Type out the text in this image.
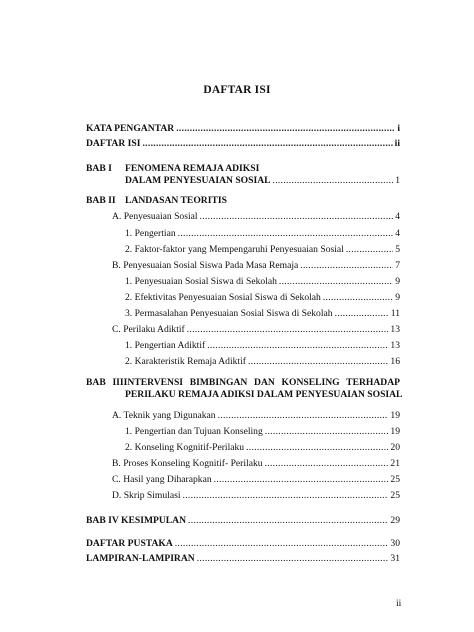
DAFTAR ISI
KATA PENGANTAR .....	i
DAFTAR ISI .....	ii
BAB I FENOMENA REMAJA ADIKSI
DALAM PENYESUAIAN SOSIAL .....	1
BAB II LANDASAN TEORITIS
A. Penyesuaian Sosial .....	4
1. Pengertian .....	4
2. Faktor-faktor yang Mempengaruhi Penyesuaian Sosial .....	5
B. Penyesuaian Sosial Siswa Pada Masa Remaja .....	7
1. Penyesuaian Sosial Siswa di Sekolah .....	9
2. Efektivitas Penyesuaian Sosial Siswa di Sekolah .....	9
3. Permasalahan Penyesuaian Sosial Siswa di Sekolah .....	11
C. Perilaku Adiktif .....	13
1. Pengertian Adiktif .....	13
2. Karakteristik Remaja Adiktif .....	16
BAB IIIINTERVENSI BIMBINGAN DAN KONSELING TERHADAP
PERILAKU REMAJA ADIKSI DALAM PENYESUAIAN SOSIAL
A. Teknik yang Digunakan .....	19
1. Pengertian dan Tujuan Konseling .....	19
2. Konseling Kognitif-Perilaku .....	20
B. Proses Konseling Kognitif- Perilaku .....	21
C. Hasil yang Diharapkan .....	25
D. Skrip Simulasi .....	25
BAB IV KESIMPULAN .....	29
DAFTAR PUSTAKA .....	30
LAMPIRAN-LAMPIRAN .....	31
ii
